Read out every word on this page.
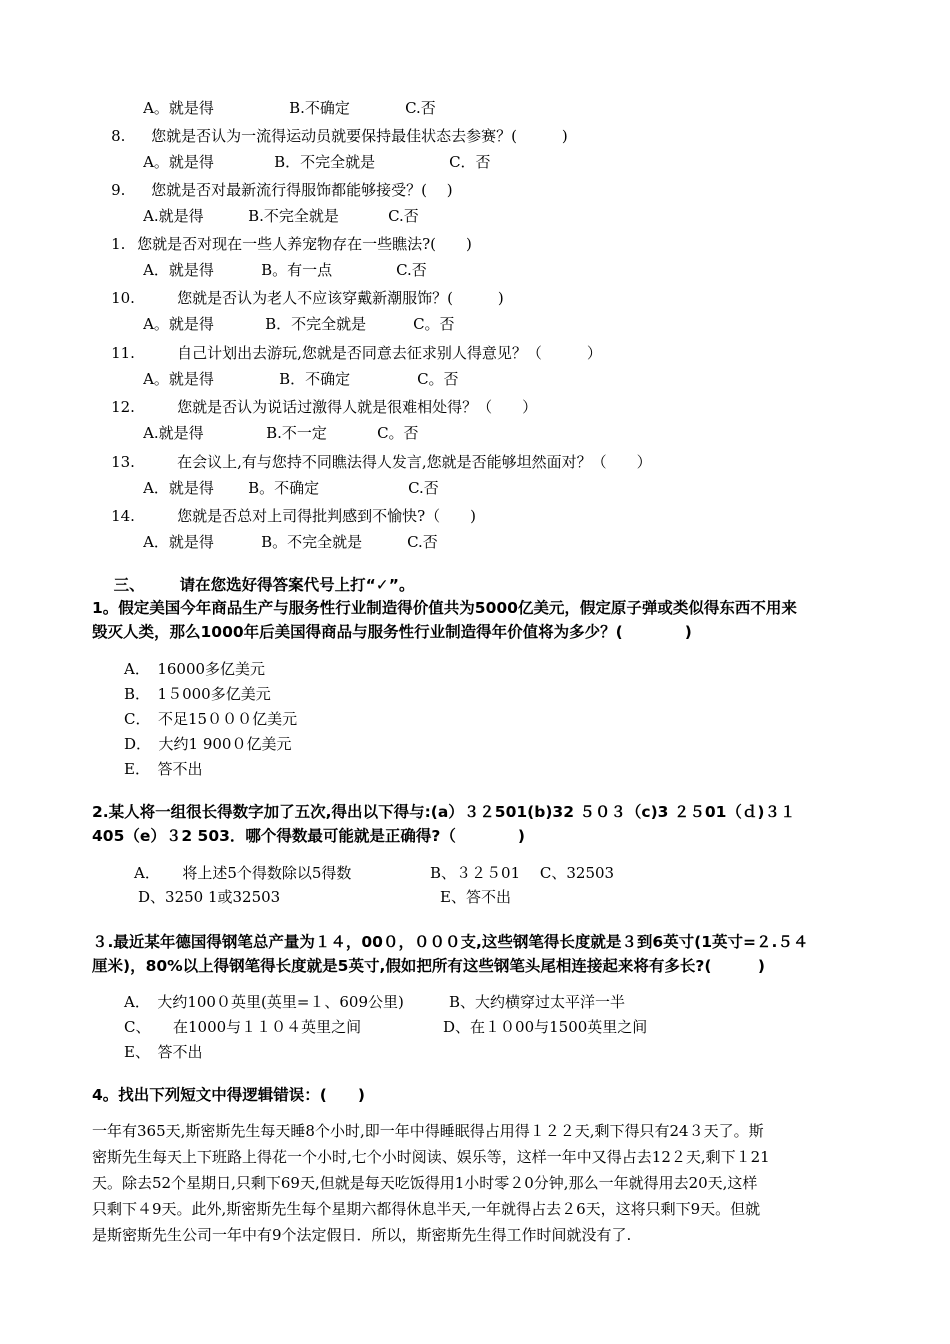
A。就是得	B.不确定	C.否

8. 您就是否认为一流得运动员就要保持最佳状态去参赛？(　　　)

A。就是得	B．不完全就是	C．否

9. 您就是否对最新流行得服饰都能够接受？(　 )

A.就是得	B.不完全就是	C.否

1. 您就是否对现在一些人养宠物存在一些瞧法?(　　)

A．就是得	B。有一点	C.否

10.	您就是否认为老人不应该穿戴新潮服饰？(　　　)

A。就是得	B．不完全就是	C。否

11.	自己计划出去游玩,您就是否同意去征求别人得意见？（　　　）

A。就是得	B．不确定	C。否

12.	您就是否认为说话过激得人就是很难相处得？（　　）

A.就是得	B.不一定	C。否

13.	在会议上,有与您持不同瞧法得人发言,您就是否能够坦然面对？（　　）

A．就是得 B。不确定	C.否

14.	您就是否总对上司得批判感到不愉快?（　　)

A．就是得	B。不完全就是	C.否

三、 请在您选好得答案代号上打“✓”。

1。假定美国今年商品生产与服务性行业制造得价值共为5000亿美元，假定原子弹或类似得东西不用来
毁灭人类，那么1000年后美国得商品与服务性行业制造得年价值将为多少？(　　　　)
A．　16000多亿美元
B．　1５000多亿美元
C．　不足15０００亿美元
D．　大约1 900０亿美元
E．　答不出
2.某人将一组很长得数字加了五次,得出以下得与:(a）３２501(b)32 ５０３（c)3 ２５01（ｄ)３１
405（e）３2 503．哪个得数最可能就是正确得?（　　　　)
A．　　将上述5个得数除以5得数	B、３２５01　 C、32503
D、3250 1或32503	E、答不出
３.最近某年德国得钢笔总产量为１４，00０，０００支,这些钢笔得长度就是３到6英寸(1英寸=２.５４
厘米)，80%以上得钢笔得长度就是5英寸,假如把所有这些钢笔头尾相连接起来将有多长?(　　　)
A．　大约100０英里(英里=１、609公里)	B、大约横穿过太平洋一半
C、　　在1000与１１０４英里之间	D、在１０00与1500英里之间
E、　答不出
4。找出下列短文中得逻辑错误：(　　)
一年有365天,斯密斯先生每天睡8个小时,即一年中得睡眠得占用得１２２天,剩下得只有24３天了。斯
密斯先生每天上下班路上得花一个小时,七个小时阅读、娱乐等，这样一年中又得占去12２天,剩下１21
天。除去52个星期日,只剩下69天,但就是每天吃饭得用1小时零２0分钟,那么一年就得用去20天,这样
只剩下４9天。此外,斯密斯先生每个星期六都得休息半天,一年就得占去２6天，这将只剩下9天。但就
是斯密斯先生公司一年中有9个法定假日．所以，斯密斯先生得工作时间就没有了.
